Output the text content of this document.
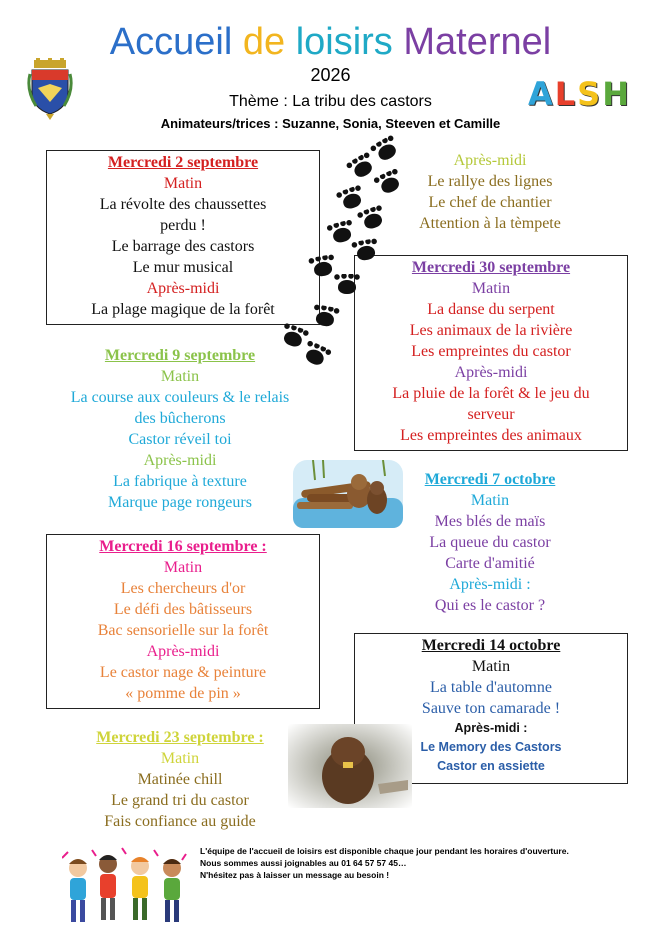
Accueil de loisirs Maternel
2026
Thème : La tribu des castors
Animateurs/trices : Suzanne, Sonia, Steeven et Camille
ALSH
Mercredi 2 septembre
Matin
La révolte des chaussettes
perdu !
Le barrage des castors
Le mur musical
Après-midi
La plage magique de la forêt
Après-midi
Le rallye des lignes
Le chef de chantier
Attention à la tèmpete
Mercredi 30 septembre
Matin
La danse du serpent
Les animaux de la rivière
Les empreintes du castor
Après-midi
La pluie de la forêt & le jeu du
serveur
Les empreintes des animaux
Mercredi 9 septembre
Matin
La course aux couleurs & le relais
des bûcherons
Castor réveil toi
Après-midi
La fabrique à texture
Marque page rongeurs
Mercredi 7 octobre
Matin
Mes blés de maïs
La queue du castor
Carte d'amitié
Après-midi :
Qui es le castor ?
Mercredi 16 septembre :
Matin
Les chercheurs d'or
Le défi des bâtisseurs
Bac sensorielle sur la forêt
Après-midi
Le castor nage & peinture
« pomme de pin »
Mercredi 14 octobre
Matin
La table d'automne
Sauve ton camarade !
Après-midi :
Le Memory des Castors
Castor en assiette
Mercredi 23 septembre :
Matin
Matinée chill
Le grand tri du castor
Fais confiance au guide
L'équipe de l'accueil de loisirs est disponible chaque jour pendant les horaires d'ouverture.
Nous sommes aussi joignables au 01 64 57 57 45…
N'hésitez pas à laisser un message au besoin !
